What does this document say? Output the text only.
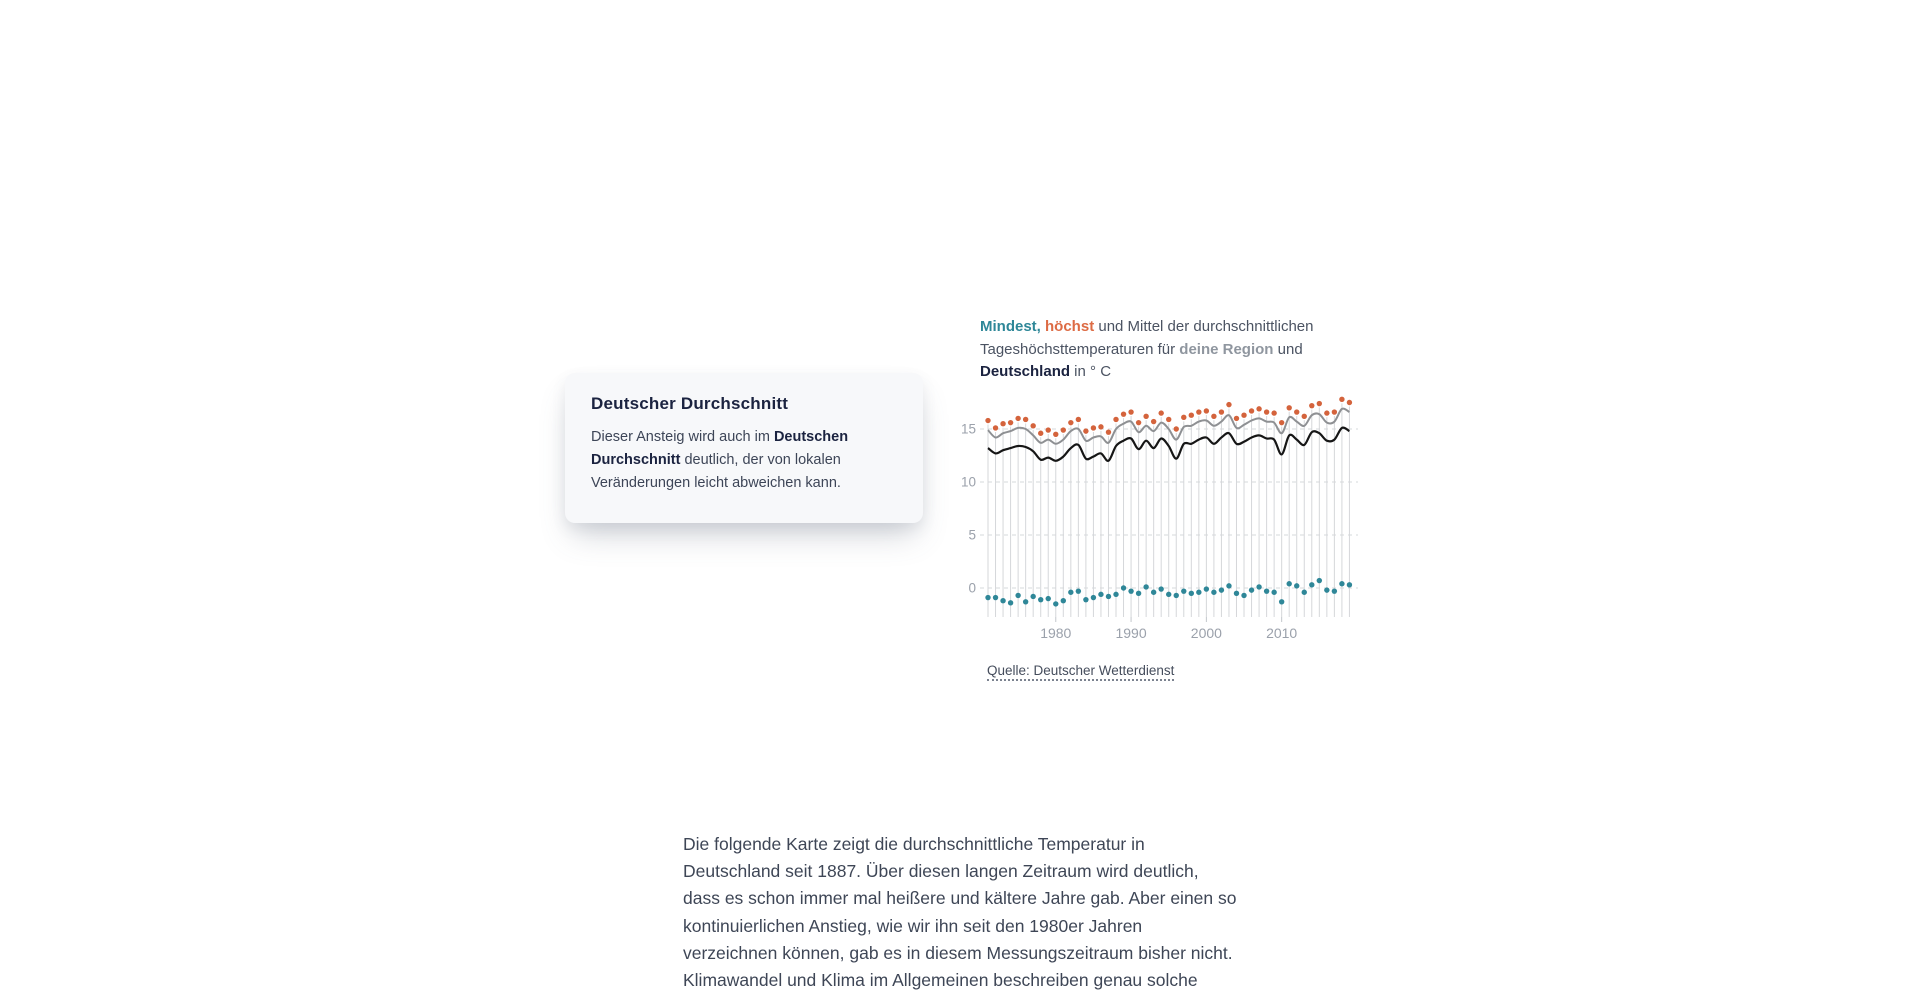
Deutscher Durchschnitt

Dieser Ansteig wird auch im Deutschen Durchschnitt deutlich, der von lokalen Veränderungen leicht abweichen kann.

Mindest, höchst und Mittel der durchschnittlichen Tageshöchsttemperaturen für deine Region und Deutschland in ° C

0
5
10
15
1980	1990	2000	2010
Quelle: Deutscher Wetterdienst
Die folgende Karte zeigt die durchschnittliche Temperatur in
Deutschland seit 1887. Über diesen langen Zeitraum wird deutlich,
dass es schon immer mal heißere und kältere Jahre gab. Aber einen so
kontinuierlichen Anstieg, wie wir ihn seit den 1980er Jahren
verzeichnen können, gab es in diesem Messungszeitraum bisher nicht.
Klimawandel und Klima im Allgemeinen beschreiben genau solche
